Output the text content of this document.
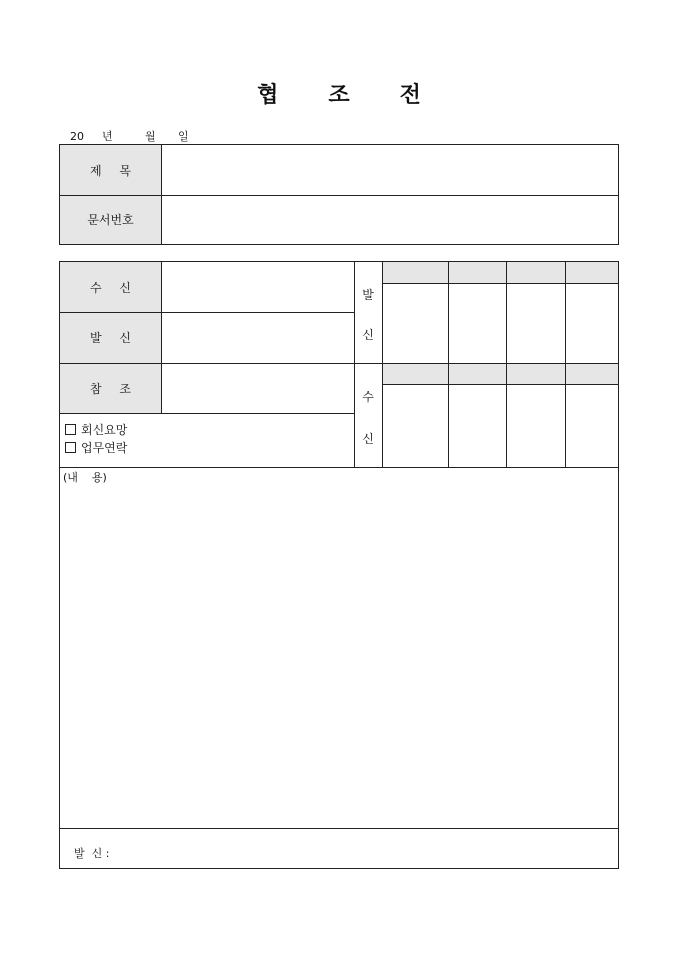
협 조 전
20 년	월 일
제 목
문서번호
수 신
발 신
참 조
회신요망
업무연락
발
신
수
신
(내    용)
발  신 :
